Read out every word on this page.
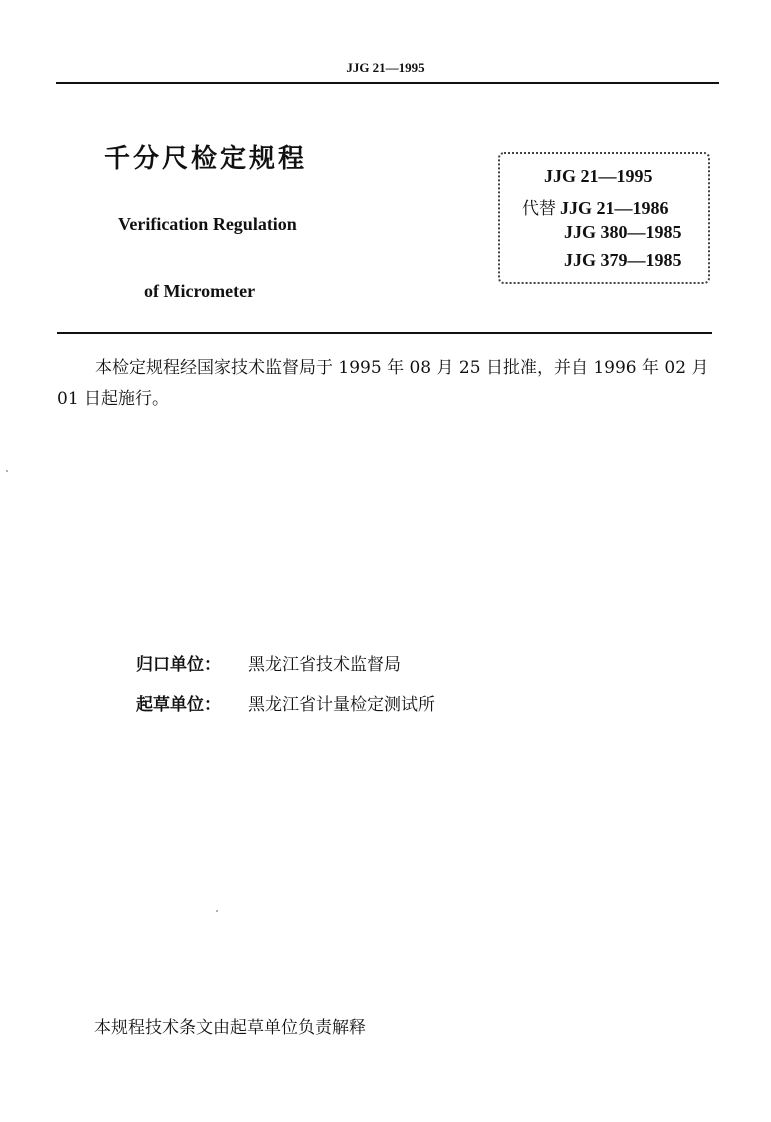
JJG 21—1995
千分尺检定规程
Verification Regulation
of Micrometer
JJG 21—1995
代替 JJG 21—1986
JJG 380—1985
JJG 379—1985

本检定规程经国家技术监督局于 1995 年 08 月 25 日批准，并自 1996 年 02 月 01 日起施行。

归口单位： 黑龙江省技术监督局
起草单位： 黑龙江省计量检定测试所
本规程技术条文由起草单位负责解释
